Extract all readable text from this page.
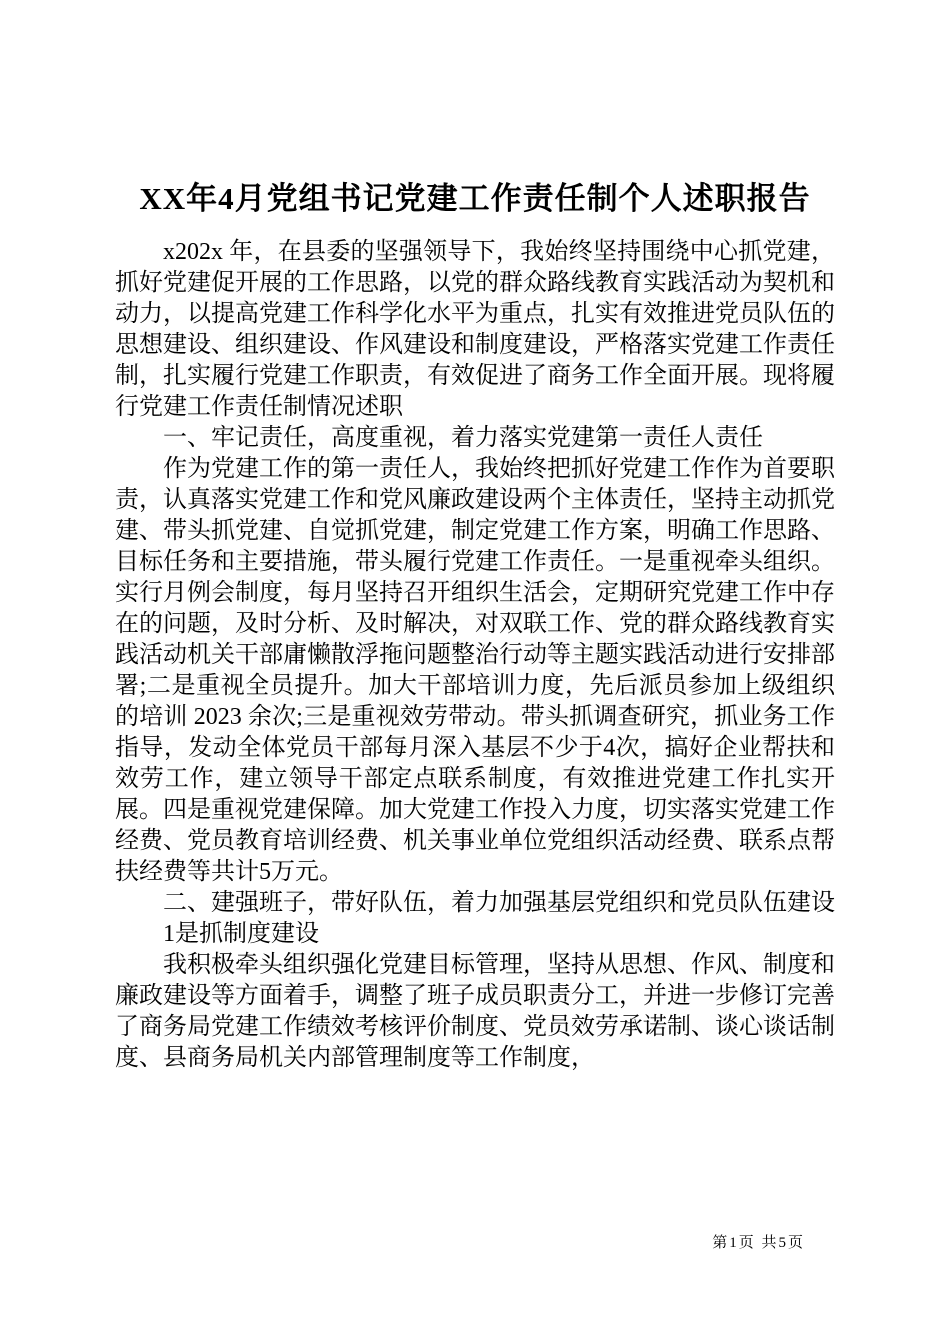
XX年4月党组书记党建工作责任制个人述职报告

x202x 年，在县委的坚强领导下，我始终坚持围绕中心抓党建，抓好党建促开展的工作思路，以党的群众路线教育实践活动为契机和动力，以提高党建工作科学化水平为重点，扎实有效推进党员队伍的思想建设、组织建设、作风建设和制度建设，严格落实党建工作责任制，扎实履行党建工作职责，有效促进了商务工作全面开展。现将履行党建工作责任制情况述职

一、牢记责任，高度重视，着力落实党建第一责任人责任

作为党建工作的第一责任人，我始终把抓好党建工作作为首要职责，认真落实党建工作和党风廉政建设两个主体责任，坚持主动抓党建、带头抓党建、自觉抓党建，制定党建工作方案，明确工作思路、目标任务和主要措施，带头履行党建工作责任。一是重视牵头组织。实行月例会制度，每月坚持召开组织生活会，定期研究党建工作中存在的问题，及时分析、及时解决，对双联工作、党的群众路线教育实践活动机关干部庸懒散浮拖问题整治行动等主题实践活动进行安排部署;二是重视全员提升。加大干部培训力度，先后派员参加上级组织的培训 2023 余次;三是重视效劳带动。带头抓调查研究，抓业务工作指导，发动全体党员干部每月深入基层不少于4次，搞好企业帮扶和效劳工作，建立领导干部定点联系制度，有效推进党建工作扎实开展。四是重视党建保障。加大党建工作投入力度，切实落实党建工作经费、党员教育培训经费、机关事业单位党组织活动经费、联系点帮扶经费等共计5万元。

二、建强班子，带好队伍，着力加强基层党组织和党员队伍建设

1是抓制度建设

我积极牵头组织强化党建目标管理，坚持从思想、作风、制度和廉政建设等方面着手，调整了班子成员职责分工，并进一步修订完善了商务局党建工作绩效考核评价制度、党员效劳承诺制、谈心谈话制度、县商务局机关内部管理制度等工作制度，

第1页 共5页
